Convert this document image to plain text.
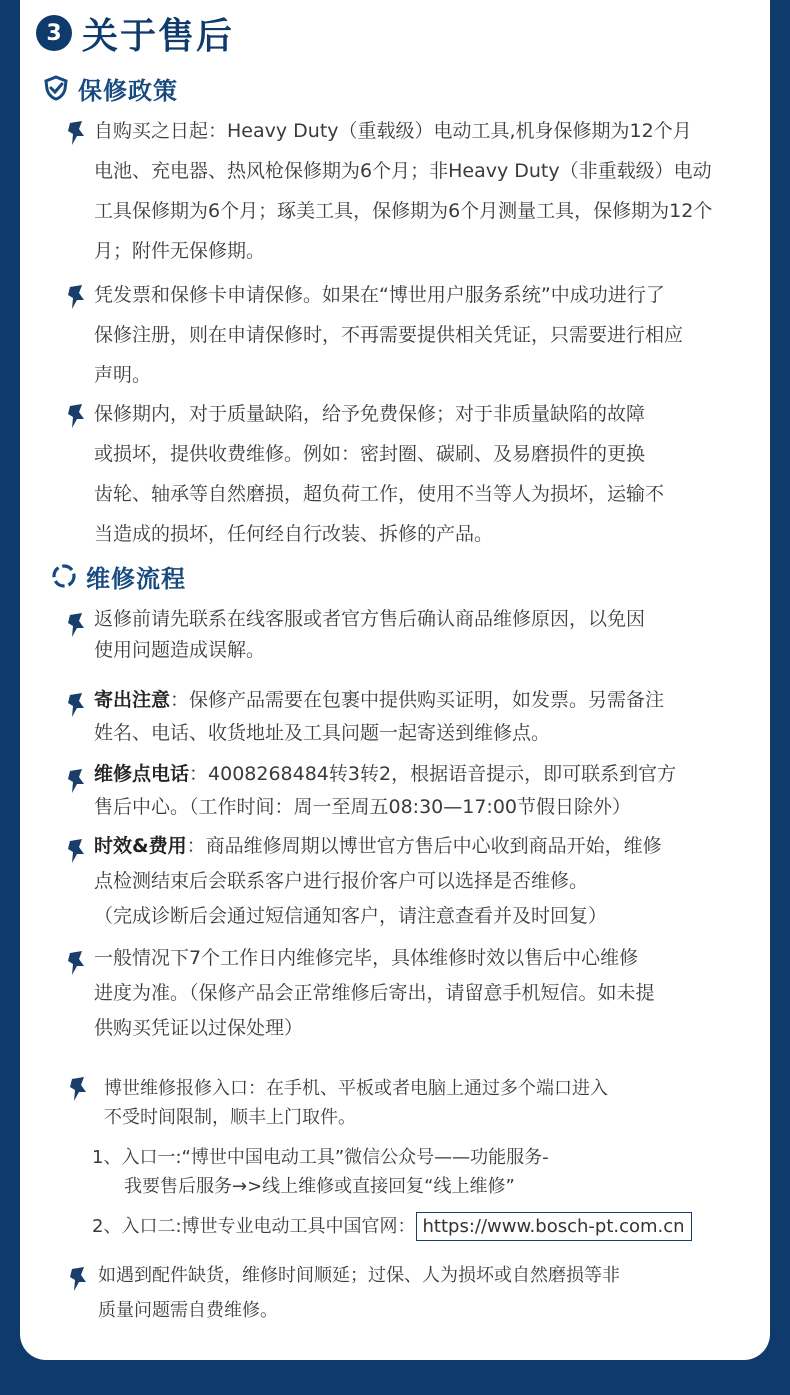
3 关于售后
保修政策
自购买之日起：Heavy Duty（重载级）电动工具,机身保修期为12个月
电池、充电器、热风枪保修期为6个月；非Heavy Duty（非重载级）电动
工具保修期为6个月；琢美工具，保修期为6个月测量工具，保修期为12个
月；附件无保修期。
凭发票和保修卡申请保修。如果在“博世用户服务系统”中成功进行了
保修注册，则在申请保修时，不再需要提供相关凭证，只需要进行相应
声明。
保修期内，对于质量缺陷，给予免费保修；对于非质量缺陷的故障
或损坏，提供收费维修。例如：密封圈、碳刷、及易磨损件的更换
齿轮、轴承等自然磨损，超负荷工作，使用不当等人为损坏，运输不
当造成的损坏，任何经自行改装、拆修的产品。
维修流程
返修前请先联系在线客服或者官方售后确认商品维修原因，以免因
使用问题造成误解。
寄出注意：保修产品需要在包裹中提供购买证明，如发票。另需备注
姓名、电话、收货地址及工具问题一起寄送到维修点。
维修点电话：4008268484转3转2，根据语音提示，即可联系到官方
售后中心。（工作时间：周一至周五08:30—17:00节假日除外）
时效&费用：商品维修周期以博世官方售后中心收到商品开始，维修
点检测结束后会联系客户进行报价客户可以选择是否维修。
（完成诊断后会通过短信通知客户，请注意查看并及时回复）
一般情况下7个工作日内维修完毕，具体维修时效以售后中心维修
进度为准。（保修产品会正常维修后寄出，请留意手机短信。如未提
供购买凭证以过保处理）
博世维修报修入口：在手机、平板或者电脑上通过多个端口进入
不受时间限制，顺丰上门取件。
1、入口一:“博世中国电动工具”微信公众号——功能服务-
我要售后服务→>线上维修或直接回复“线上维修”
2、入口二:博世专业电动工具中国官网： https://www.bosch-pt.com.cn
如遇到配件缺货，维修时间顺延；过保、人为损坏或自然磨损等非
质量问题需自费维修。
